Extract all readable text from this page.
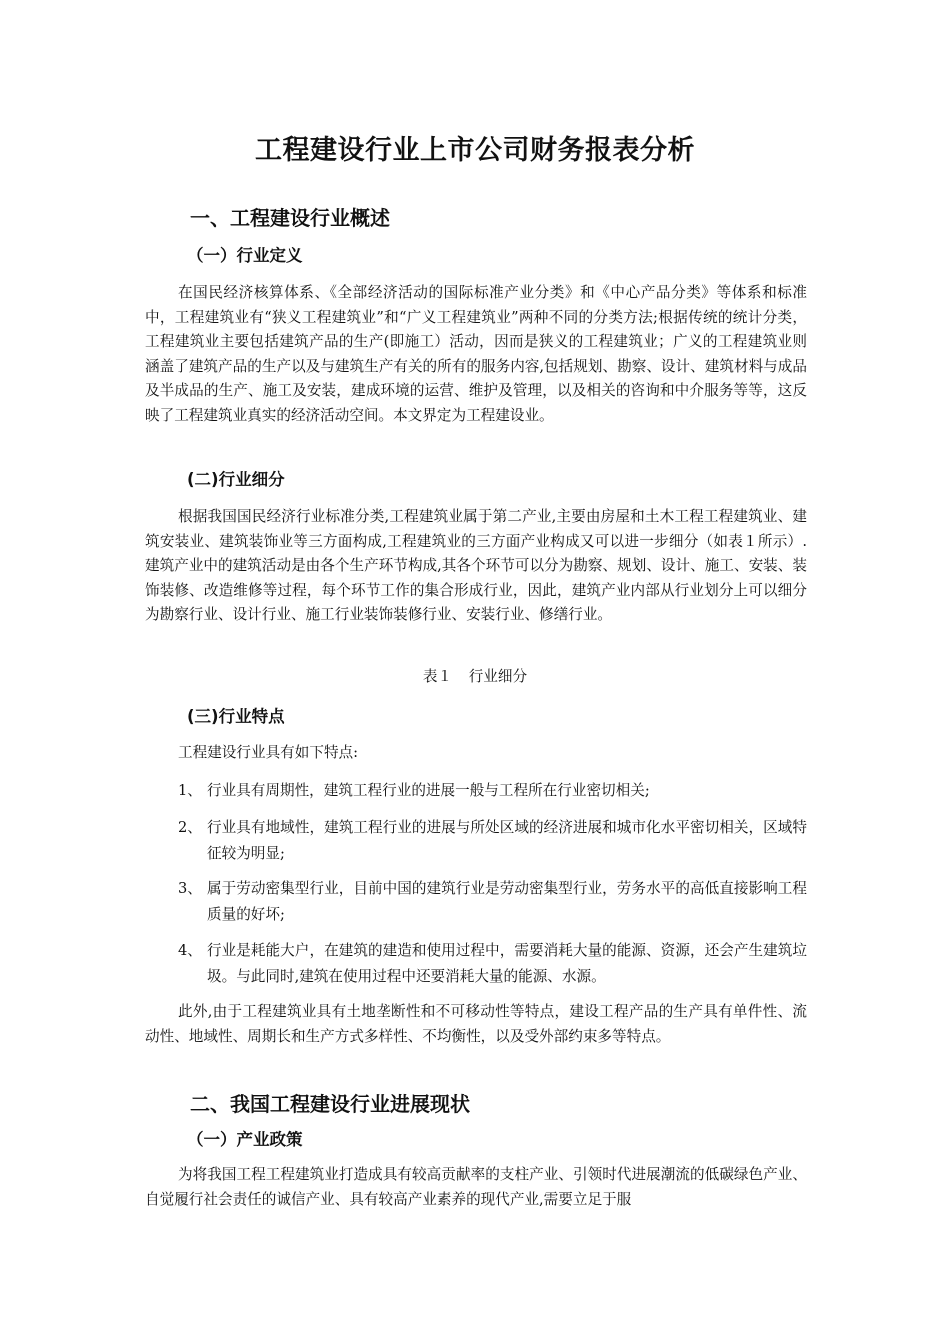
工程建设行业上市公司财务报表分析
一、工程建设行业概述
（一）行业定义

在国民经济核算体系、《全部经济活动的国际标准产业分类》和《中心产品分类》等体系和标准中，工程建筑业有“狭义工程建筑业”和“广义工程建筑业”两种不同的分类方法;根据传统的统计分类，工程建筑业主要包括建筑产品的生产(即施工）活动，因而是狭义的工程建筑业；广义的工程建筑业则涵盖了建筑产品的生产以及与建筑生产有关的所有的服务内容,包括规划、勘察、设计、建筑材料与成品及半成品的生产、施工及安装，建成环境的运营、维护及管理，以及相关的咨询和中介服务等等，这反映了工程建筑业真实的经济活动空间。本文界定为工程建设业。

(二)行业细分

根据我国国民经济行业标准分类,工程建筑业属于第二产业,主要由房屋和土木工程工程建筑业、建筑安装业、建筑装饰业等三方面构成,工程建筑业的三方面产业构成又可以进一步细分（如表１所示）.建筑产业中的建筑活动是由各个生产环节构成,其各个环节可以分为勘察、规划、设计、施工、安装、装饰装修、改造维修等过程，每个环节工作的集合形成行业，因此，建筑产业内部从行业划分上可以细分为勘察行业、设计行业、施工行业装饰装修行业、安装行业、修缮行业。

表１ 行业细分

(三)行业特点

工程建设行业具有如下特点:

1、 行业具有周期性，建筑工程行业的进展一般与工程所在行业密切相关;
2、 行业具有地域性，建筑工程行业的进展与所处区域的经济进展和城市化水平密切相关，区域特征较为明显;
3、 属于劳动密集型行业，目前中国的建筑行业是劳动密集型行业，劳务水平的高低直接影响工程质量的好坏;
4、 行业是耗能大户，在建筑的建造和使用过程中，需要消耗大量的能源、资源，还会产生建筑垃圾。与此同时,建筑在使用过程中还要消耗大量的能源、水源。

此外,由于工程建筑业具有土地垄断性和不可移动性等特点，建设工程产品的生产具有单件性、流动性、地域性、周期长和生产方式多样性、不均衡性，以及受外部约束多等特点。

二、我国工程建设行业进展现状
（一）产业政策

为将我国工程工程建筑业打造成具有较高贡献率的支柱产业、引领时代进展潮流的低碳绿色产业、自觉履行社会责任的诚信产业、具有较高产业素养的现代产业,需要立足于服
